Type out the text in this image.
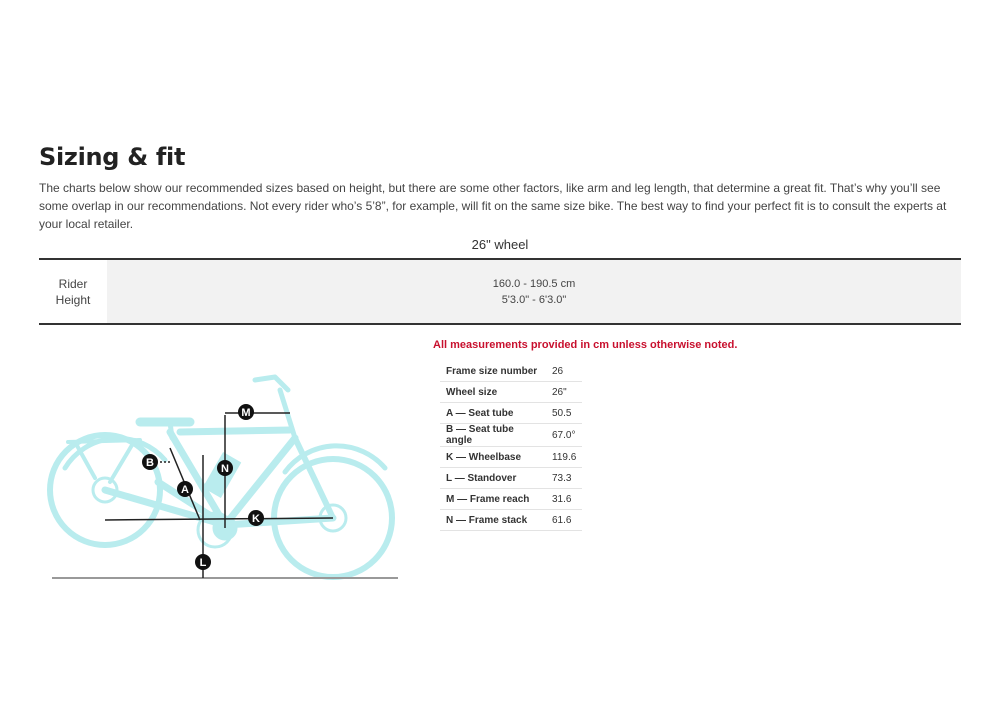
Sizing & fit
The charts below show our recommended sizes based on height, but there are some other factors, like arm and leg length, that determine a great fit. That’s why you’ll see some overlap in our recommendations. Not every rider who’s 5’8”, for example, will fit on the same size bike. The best way to find your perfect fit is to consult the experts at your local retailer.
26" wheel
Rider
Height
160.0 - 190.5 cm
5'3.0" - 6'3.0"
All measurements provided in cm unless otherwise noted.
Frame size number	26
Wheel size	26"
A — Seat tube	50.5
B — Seat tube angle	67.0°
K — Wheelbase	119.6
L — Standover	73.3
M — Frame reach	31.6
N — Frame stack	61.6
M
B	N
A
K
L
